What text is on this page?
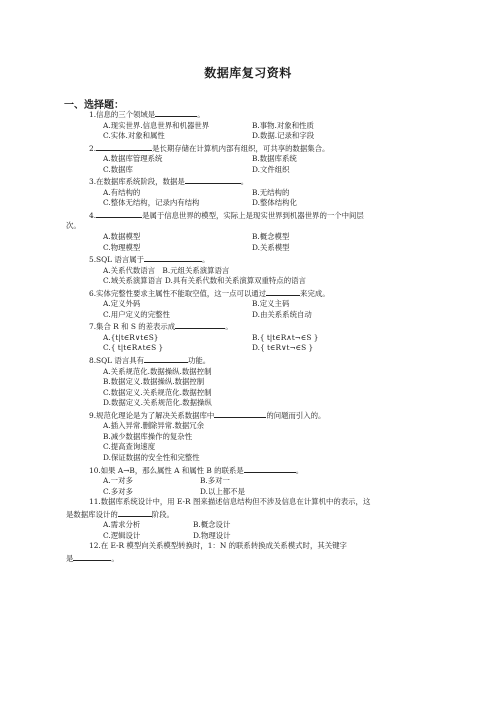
数据库复习资料
一、选择题：

1.信息的三个领域是	。

A.现实世界.信息世界和机器世界	B.事物.对象和性质
C.实体.对象和属性	D.数据.记录和字段

2.	是长期存储在计算机内部有组织，可共享的数据集合。

A.数据库管理系统	B.数据库系统
C.数据库	D.文件组织

3.在数据库系统阶段，数据是	。

A.有结构的	B.无结构的
C.整体无结构，记录内有结构	D.整体结构化

4.	是属于信息世界的模型，实际上是现实世界到机器世界的一个中间层

次。

A.数据模型	B.概念模型
C.物理模型	D.关系模型

5.SQL 语言属于	。

A.关系代数语言　B.元组关系演算语言
C.域关系演算语言 D.具有关系代数和关系演算双重特点的语言

6.实体完整性要求主属性不能取空值，这一点可以通过	来完成。

A.定义外码	B.定义主码
C.用户定义的完整性	D.由关系系统自动

7.集合 R 和 S 的差表示成	。

A.{t|t∈R∨t∈S}	B.{ t|t∈R∧t¬∈S }
C.{ t|t∈R∧t∈S }	D.{ t∈R∨t¬∈S }

8.SQL 语言具有	功能。

A.关系规范化.数据操纵.数据控制
B.数据定义.数据操纵.数据控制
C.数据定义.关系规范化.数据控制
D.数据定义.关系规范化.数据操纵

9.规范化理论是为了解决关系数据库中	的问题而引入的。

A.插入异常.删除异常.数据冗余
B.减少数据库操作的复杂性
C.提高查询速度
D.保证数据的安全性和完整性

10.如果 A→B，那么属性 A 和属性 B 的联系是	。

A.一对多	B.多对一
C.多对多	D.以上都不是

11.数据库系统设计中，用 E-R 图来描述信息结构但不涉及信息在计算机中的表示，这

是数据库设计的	阶段。

A.需求分析	B.概念设计
C.逻辑设计	D.物理设计

12.在 E-R 模型向关系模型转换时，1：N 的联系转换成关系模式时，其关键字

是	。
